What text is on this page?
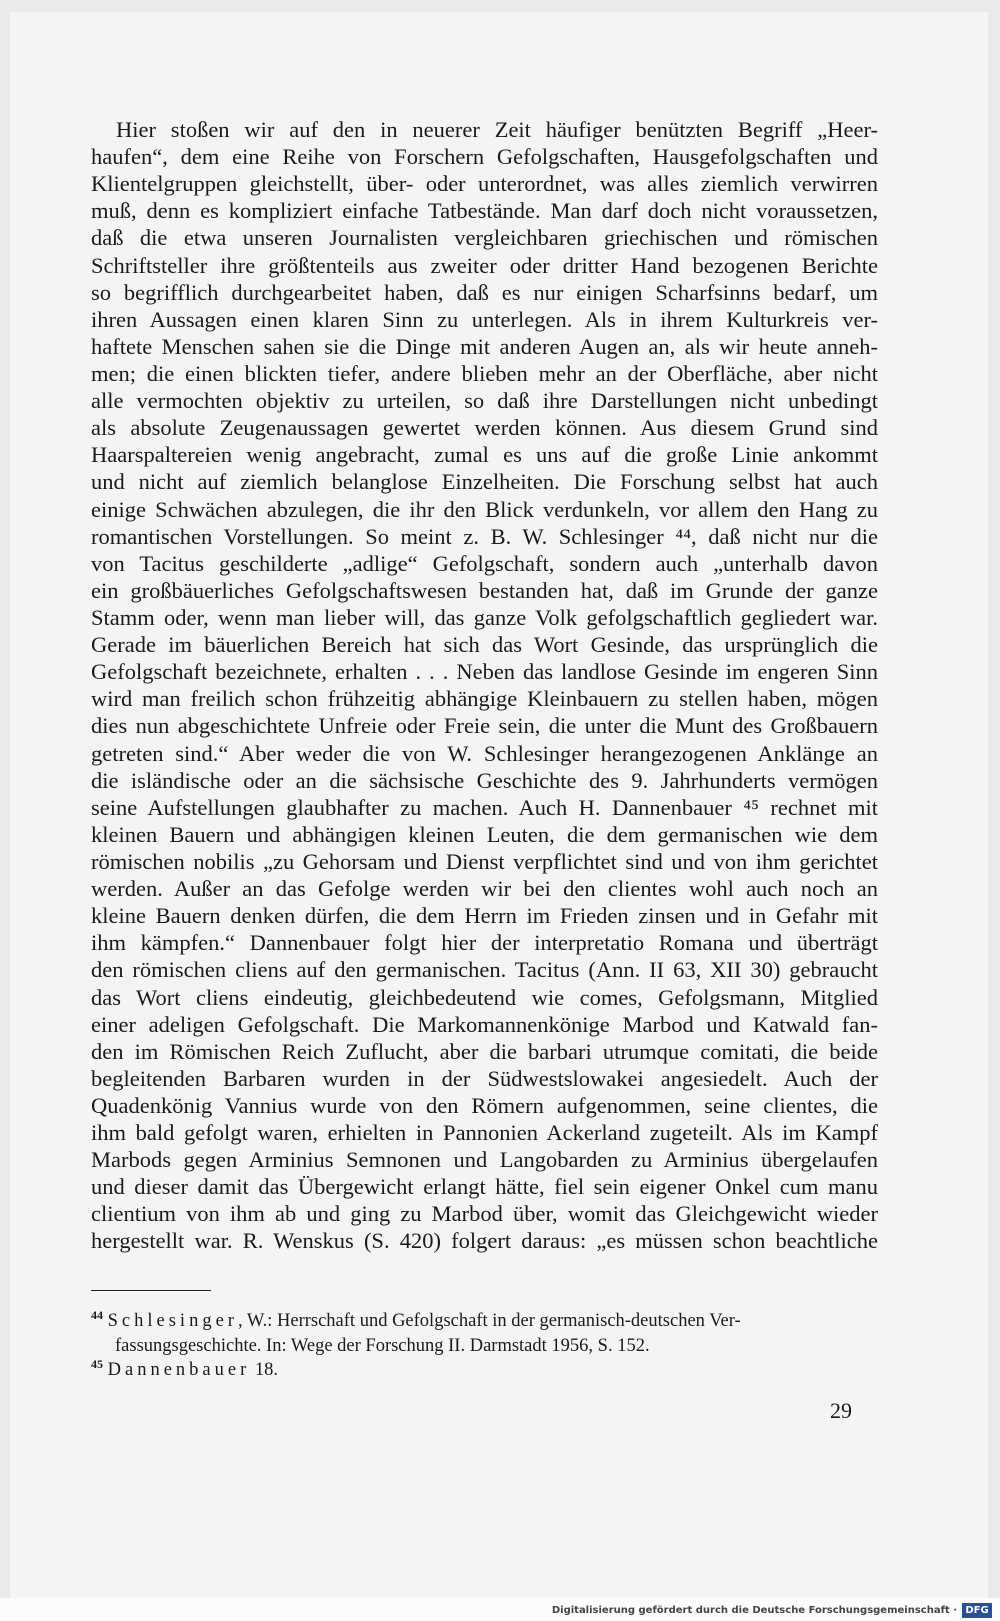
Hier stoßen wir auf den in neuerer Zeit häufiger benützten Begriff „Heer-
haufen“, dem eine Reihe von Forschern Gefolgschaften, Hausgefolgschaften und
Klientelgruppen gleichstellt, über- oder unterordnet, was alles ziemlich verwirren
muß, denn es kompliziert einfache Tatbestände. Man darf doch nicht voraussetzen,
daß die etwa unseren Journalisten vergleichbaren griechischen und römischen
Schriftsteller ihre größtenteils aus zweiter oder dritter Hand bezogenen Berichte
so begrifflich durchgearbeitet haben, daß es nur einigen Scharfsinns bedarf, um
ihren Aussagen einen klaren Sinn zu unterlegen. Als in ihrem Kulturkreis ver-
haftete Menschen sahen sie die Dinge mit anderen Augen an, als wir heute anneh-
men; die einen blickten tiefer, andere blieben mehr an der Oberfläche, aber nicht
alle vermochten objektiv zu urteilen, so daß ihre Darstellungen nicht unbedingt
als absolute Zeugenaussagen gewertet werden können. Aus diesem Grund sind
Haarspaltereien wenig angebracht, zumal es uns auf die große Linie ankommt
und nicht auf ziemlich belanglose Einzelheiten. Die Forschung selbst hat auch
einige Schwächen abzulegen, die ihr den Blick verdunkeln, vor allem den Hang zu
romantischen Vorstellungen. So meint z. B. W. Schlesinger ⁴⁴, daß nicht nur die
von Tacitus geschilderte „adlige“ Gefolgschaft, sondern auch „unterhalb davon
ein großbäuerliches Gefolgschaftswesen bestanden hat, daß im Grunde der ganze
Stamm oder, wenn man lieber will, das ganze Volk gefolgschaftlich gegliedert war.
Gerade im bäuerlichen Bereich hat sich das Wort Gesinde, das ursprünglich die
Gefolgschaft bezeichnete, erhalten . . . Neben das landlose Gesinde im engeren Sinn
wird man freilich schon frühzeitig abhängige Kleinbauern zu stellen haben, mögen
dies nun abgeschichtete Unfreie oder Freie sein, die unter die Munt des Großbauern
getreten sind.“ Aber weder die von W. Schlesinger herangezogenen Anklänge an
die isländische oder an die sächsische Geschichte des 9. Jahrhunderts vermögen
seine Aufstellungen glaubhafter zu machen. Auch H. Dannenbauer ⁴⁵ rechnet mit
kleinen Bauern und abhängigen kleinen Leuten, die dem germanischen wie dem
römischen nobilis „zu Gehorsam und Dienst verpflichtet sind und von ihm gerichtet
werden. Außer an das Gefolge werden wir bei den clientes wohl auch noch an
kleine Bauern denken dürfen, die dem Herrn im Frieden zinsen und in Gefahr mit
ihm kämpfen.“ Dannenbauer folgt hier der interpretatio Romana und überträgt
den römischen cliens auf den germanischen. Tacitus (Ann. II 63, XII 30) gebraucht
das Wort cliens eindeutig, gleichbedeutend wie comes, Gefolgsmann, Mitglied
einer adeligen Gefolgschaft. Die Markomannenkönige Marbod und Katwald fan-
den im Römischen Reich Zuflucht, aber die barbari utrumque comitati, die beide
begleitenden Barbaren wurden in der Südwestslowakei angesiedelt. Auch der
Quadenkönig Vannius wurde von den Römern aufgenommen, seine clientes, die
ihm bald gefolgt waren, erhielten in Pannonien Ackerland zugeteilt. Als im Kampf
Marbods gegen Arminius Semnonen und Langobarden zu Arminius übergelaufen
und dieser damit das Übergewicht erlangt hätte, fiel sein eigener Onkel cum manu
clientium von ihm ab und ging zu Marbod über, womit das Gleichgewicht wieder
hergestellt war. R. Wenskus (S. 420) folgert daraus: „es müssen schon beachtliche
$^{44}$ Schlesinger, W.: Herrschaft und Gefolgschaft in der germanisch-deutschen Ver-
fassungsgeschichte. In: Wege der Forschung II. Darmstadt 1956, S. 152.
$^{45}$ Dannenbauer 18.
29
Digitalisierung gefördert durch die Deutsche Forschungsgemeinschaft · DFG
